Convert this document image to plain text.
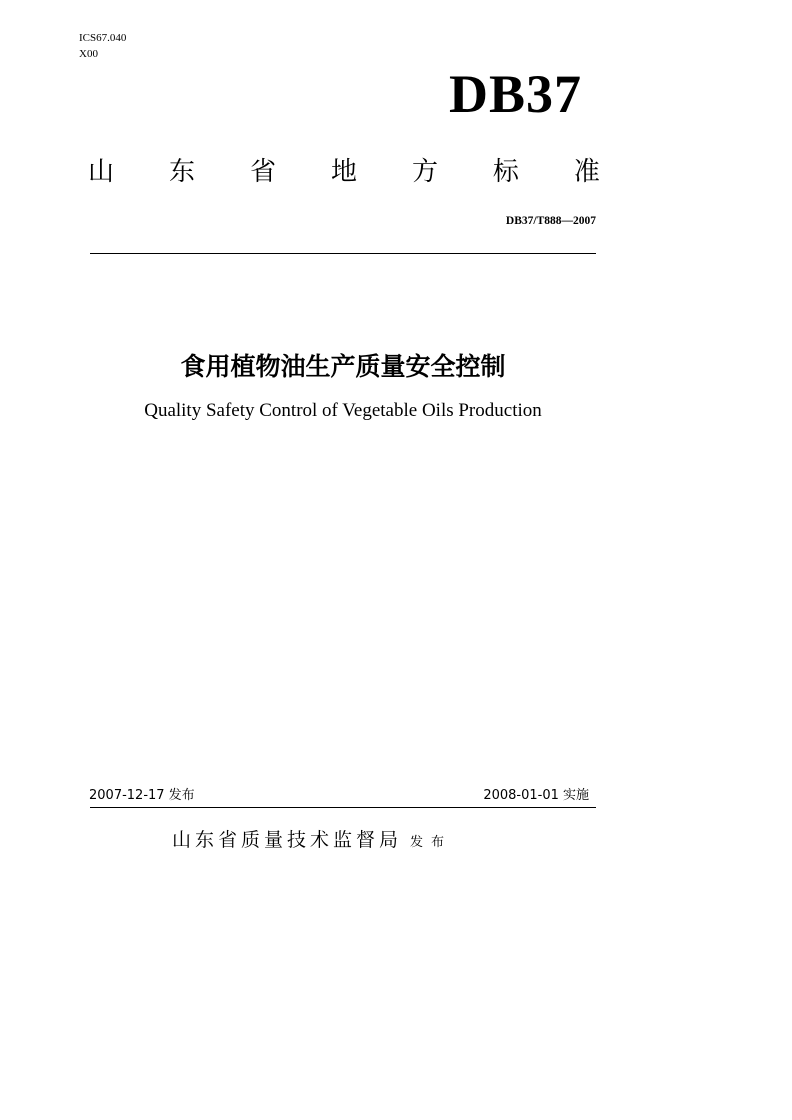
ICS67.040
X00
DB37
山 东 省 地 方 标 准
DB37/T888—2007
食用植物油生产质量安全控制
Quality Safety Control of Vegetable Oils Production
2007-12-17 发布	2008-01-01 实施
山东省质量技术监督局 发布
